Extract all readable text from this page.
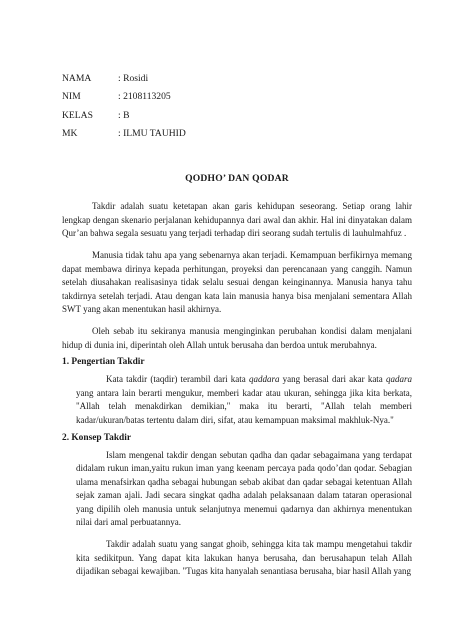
NAMA	: Rosidi
NIM	: 2108113205
KELAS	: B
MK	: ILMU TAUHID
QODHO’ DAN QODAR

Takdir adalah suatu ketetapan akan garis kehidupan seseorang. Setiap orang lahir lengkap dengan skenario perjalanan kehidupannya dari awal dan akhir. Hal ini dinyatakan dalam Qur’an bahwa segala sesuatu yang terjadi terhadap diri seorang sudah tertulis di lauhulmahfuz .

Manusia tidak tahu apa yang sebenarnya akan terjadi. Kemampuan berfikirnya memang dapat membawa dirinya kepada perhitungan, proyeksi dan perencanaan yang canggih. Namun setelah diusahakan realisasinya tidak selalu sesuai dengan keinginannya. Manusia hanya tahu takdirnya setelah terjadi. Atau dengan kata lain manusia hanya bisa menjalani sementara Allah SWT yang akan menentukan hasil akhirnya.

Oleh sebab itu sekiranya manusia menginginkan perubahan kondisi dalam menjalani hidup di dunia ini, diperintah oleh Allah untuk berusaha dan berdoa untuk merubahnya.

1. Pengertian Takdir

Kata takdir (taqdir) terambil dari kata qaddara yang berasal dari akar kata qadara yang antara lain berarti mengukur, memberi kadar atau ukuran, sehingga jika kita berkata, "Allah telah menakdirkan demikian," maka itu berarti, "Allah telah memberi kadar/ukuran/batas tertentu dalam diri, sifat, atau kemampuan maksimal makhluk-Nya."

2. Konsep Takdir

Islam mengenal takdir dengan sebutan qadha dan qadar sebagaimana yang terdapat didalam rukun iman,yaitu rukun iman yang keenam percaya pada qodo’dan qodar. Sebagian ulama menafsirkan qadha sebagai hubungan sebab akibat dan qadar sebagai ketentuan Allah sejak zaman ajali. Jadi secara singkat qadha adalah pelaksanaan dalam tataran operasional yang dipilih oleh manusia untuk selanjutnya menemui qadarnya dan akhirnya menentukan nilai dari amal perbuatannya.

Takdir adalah suatu yang sangat ghoib, sehingga kita tak mampu mengetahui takdir kita sedikitpun. Yang dapat kita lakukan hanya berusaha, dan berusahapun telah Allah dijadikan sebagai kewajiban. "Tugas kita hanyalah senantiasa berusaha, biar hasil Allah yang
